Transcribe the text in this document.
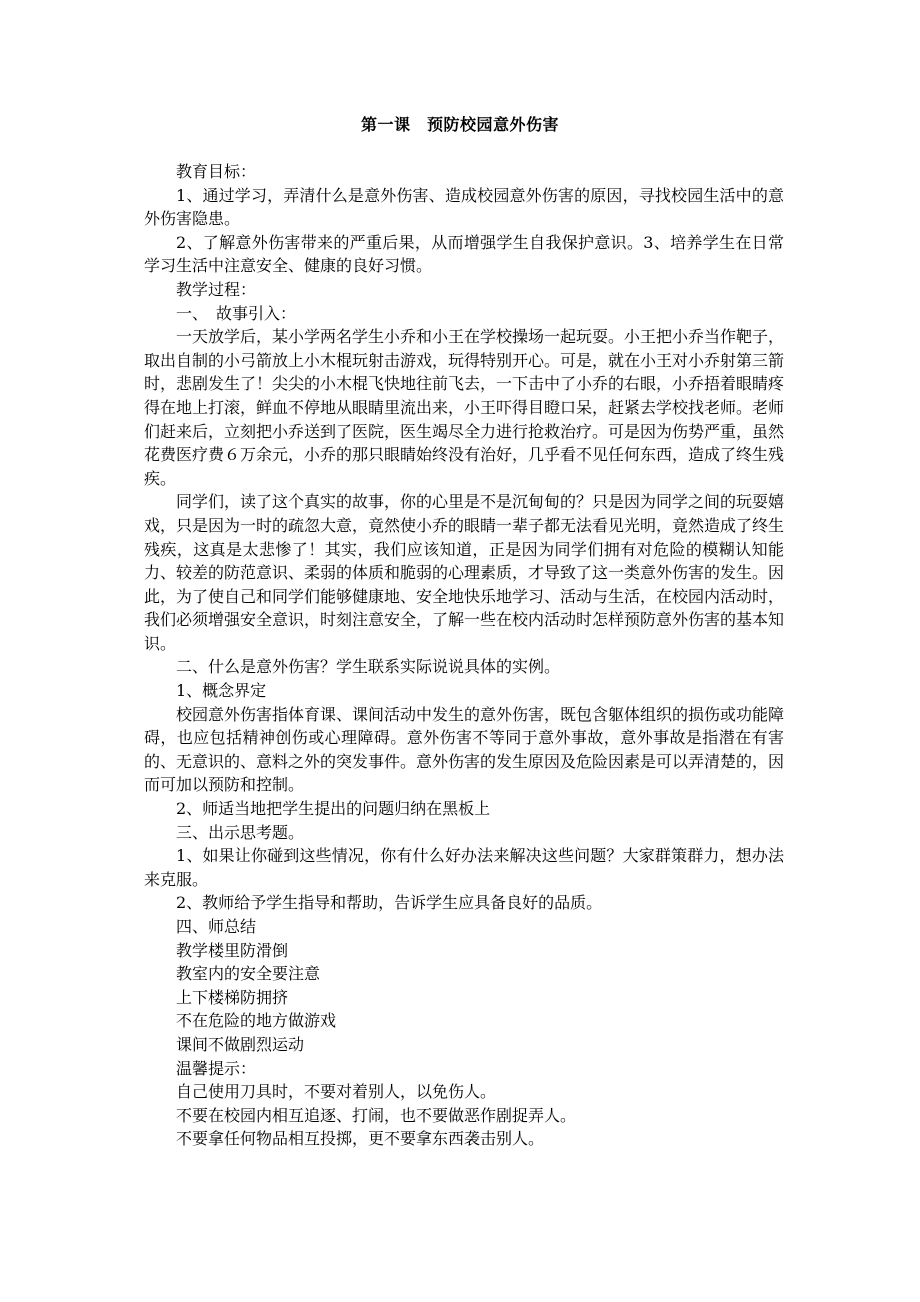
第一课　预防校园意外伤害

教育目标：

1、通过学习，弄清什么是意外伤害、造成校园意外伤害的原因，寻找校园生活中的意外伤害隐患。

2、了解意外伤害带来的严重后果，从而增强学生自我保护意识。3、培养学生在日常学习生活中注意安全、健康的良好习惯。

教学过程：

一、　故事引入：

一天放学后，某小学两名学生小乔和小王在学校操场一起玩耍。小王把小乔当作靶子，取出自制的小弓箭放上小木棍玩射击游戏，玩得特别开心。可是，就在小王对小乔射第三箭时，悲剧发生了！尖尖的小木棍飞快地往前飞去，一下击中了小乔的右眼，小乔捂着眼睛疼得在地上打滚，鲜血不停地从眼睛里流出来，小王吓得目瞪口呆，赶紧去学校找老师。老师们赶来后，立刻把小乔送到了医院，医生竭尽全力进行抢救治疗。可是因为伤势严重，虽然花费医疗费６万余元，小乔的那只眼睛始终没有治好，几乎看不见任何东西，造成了终生残疾。

同学们，读了这个真实的故事，你的心里是不是沉甸甸的？只是因为同学之间的玩耍嬉戏，只是因为一时的疏忽大意，竟然使小乔的眼睛一辈子都无法看见光明，竟然造成了终生残疾，这真是太悲惨了！其实，我们应该知道，正是因为同学们拥有对危险的模糊认知能力、较差的防范意识、柔弱的体质和脆弱的心理素质，才导致了这一类意外伤害的发生。因此，为了使自己和同学们能够健康地、安全地快乐地学习、活动与生活，在校园内活动时，我们必须增强安全意识，时刻注意安全，了解一些在校内活动时怎样预防意外伤害的基本知识。

二、什么是意外伤害？学生联系实际说说具体的实例。

1、概念界定

校园意外伤害指体育课、课间活动中发生的意外伤害，既包含躯体组织的损伤或功能障碍，也应包括精神创伤或心理障碍。意外伤害不等同于意外事故，意外事故是指潜在有害的、无意识的、意料之外的突发事件。意外伤害的发生原因及危险因素是可以弄清楚的，因而可加以预防和控制。

2、师适当地把学生提出的问题归纳在黑板上

三、出示思考题。

1、如果让你碰到这些情况，你有什么好办法来解决这些问题？大家群策群力，想办法来克服。

2、教师给予学生指导和帮助，告诉学生应具备良好的品质。

四、师总结

教学楼里防滑倒

教室内的安全要注意

上下楼梯防拥挤

不在危险的地方做游戏

课间不做剧烈运动

温馨提示：

自己使用刀具时，不要对着别人，以免伤人。

不要在校园内相互追逐、打闹，也不要做恶作剧捉弄人。

不要拿任何物品相互投掷，更不要拿东西袭击别人。
